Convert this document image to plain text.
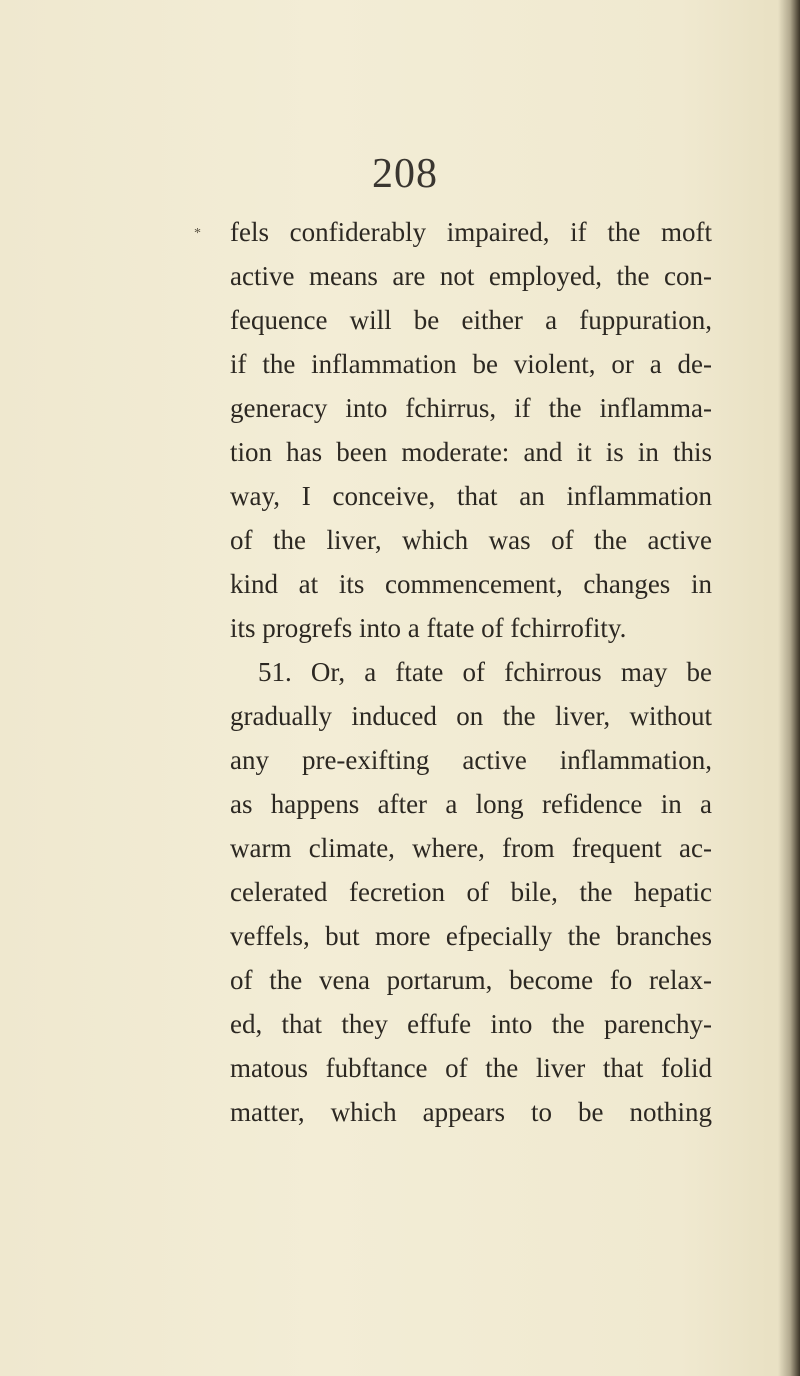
208
* fels confiderably impaired, if the moft
active means are not employed, the con-
fequence will be either a fuppuration,
if the inflammation be violent, or a de-
generacy into fchirrus, if the inflamma-
tion has been moderate: and it is in this
way, I conceive, that an inflammation
of the liver, which was of the active
kind at its commencement, changes in
its progrefs into a ftate of fchirrofity.
51. Or, a ftate of fchirrous may be
gradually induced on the liver, without
any pre-exifting active inflammation,
as happens after a long refidence in a
warm climate, where, from frequent ac-
celerated fecretion of bile, the hepatic
veffels, but more efpecially the branches
of the vena portarum, become fo relax-
ed, that they effufe into the parenchy-
matous fubftance of the liver that folid
matter, which appears to be nothing
